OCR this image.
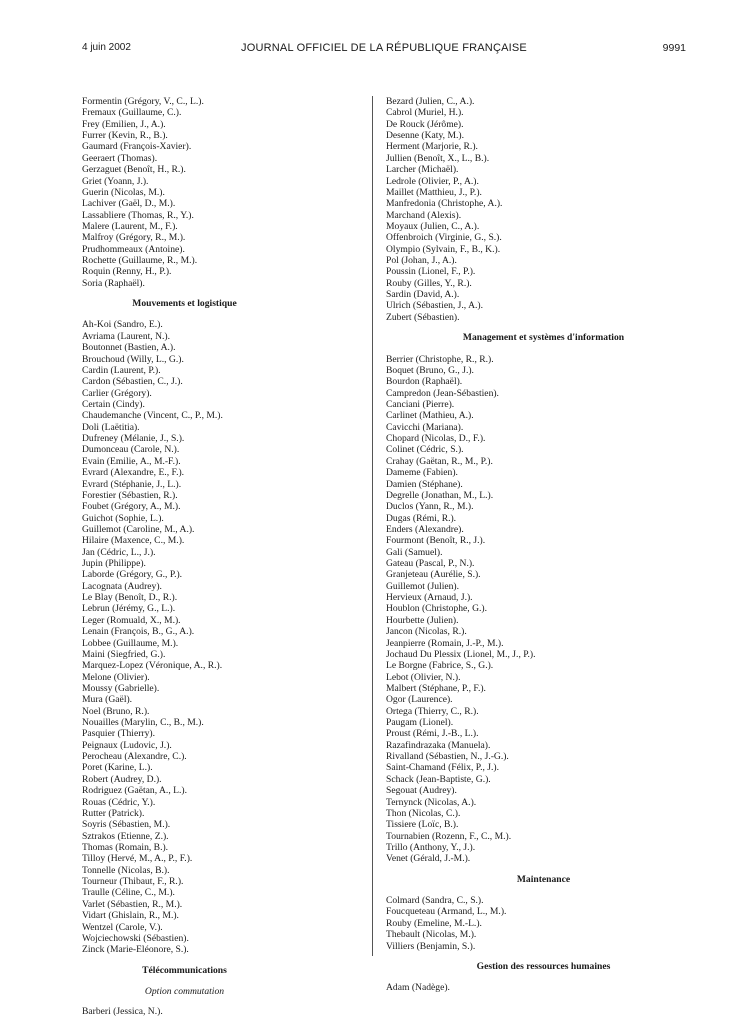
4 juin 2002	JOURNAL OFFICIEL DE LA RÉPUBLIQUE FRANÇAISE	9991
Formentin (Grégory, V., C., L.).
Fremaux (Guillaume, C.).
Frey (Emilien, J., A.).
Furrer (Kevin, R., B.).
Gaumard (François-Xavier).
Geeraert (Thomas).
Gerzaguet (Benoît, H., R.).
Griet (Yoann, J.).
Guerin (Nicolas, M.).
Lachiver (Gaël, D., M.).
Lassabliere (Thomas, R., Y.).
Malere (Laurent, M., F.).
Malfroy (Grégory, R., M.).
Prudhommeaux (Antoine).
Rochette (Guillaume, R., M.).
Roquin (Renny, H., P.).
Soria (Raphaël).
Mouvements et logistique
Ah-Koi (Sandro, E.).
Avriama (Laurent, N.).
Boutonnet (Bastien, A.).
Brouchoud (Willy, L., G.).
Cardin (Laurent, P.).
Cardon (Sébastien, C., J.).
Carlier (Grégory).
Certain (Cindy).
Chaudemanche (Vincent, C., P., M.).
Doli (Laëtitia).
Dufreney (Mélanie, J., S.).
Dumonceau (Carole, N.).
Evain (Emilie, A., M.-F.).
Evrard (Alexandre, E., F.).
Evrard (Stéphanie, J., L.).
Forestier (Sébastien, R.).
Foubet (Grégory, A., M.).
Guichot (Sophie, L.).
Guillemot (Caroline, M., A.).
Hilaire (Maxence, C., M.).
Jan (Cédric, L., J.).
Jupin (Philippe).
Laborde (Grégory, G., P.).
Lacognata (Audrey).
Le Blay (Benoît, D., R.).
Lebrun (Jérémy, G., L.).
Leger (Romuald, X., M.).
Lenain (François, B., G., A.).
Lobbee (Guillaume, M.).
Maini (Siegfried, G.).
Marquez-Lopez (Véronique, A., R.).
Melone (Olivier).
Moussy (Gabrielle).
Mura (Gaël).
Noel (Bruno, R.).
Nouailles (Marylin, C., B., M.).
Pasquier (Thierry).
Peignaux (Ludovic, J.).
Perocheau (Alexandre, C.).
Poret (Karine, L.).
Robert (Audrey, D.).
Rodriguez (Gaëtan, A., L.).
Rouas (Cédric, Y.).
Rutter (Patrick).
Soyris (Sébastien, M.).
Sztrakos (Etienne, Z.).
Thomas (Romain, B.).
Tilloy (Hervé, M., A., P., F.).
Tonnelle (Nicolas, B.).
Tourneur (Thibaut, F., R.).
Traulle (Céline, C., M.).
Varlet (Sébastien, R., M.).
Vidart (Ghislain, R., M.).
Wentzel (Carole, V.).
Wojciechowski (Sébastien).
Zinck (Marie-Eléonore, S.).
Télécommunications
Option commutation
Barberi (Jessica, N.).
Bezard (Julien, C., A.).
Cabrol (Muriel, H.).
De Rouck (Jérôme).
Desenne (Katy, M.).
Herment (Marjorie, R.).
Jullien (Benoît, X., L., B.).
Larcher (Michaël).
Ledrole (Olivier, P., A.).
Maillet (Matthieu, J., P.).
Manfredonia (Christophe, A.).
Marchand (Alexis).
Moyaux (Julien, C., A.).
Offenbroich (Virginie, G., S.).
Olympio (Sylvain, F., B., K.).
Pol (Johan, J., A.).
Poussin (Lionel, F., P.).
Rouby (Gilles, Y., R.).
Sardin (David, A.).
Ulrich (Sébastien, J., A.).
Zubert (Sébastien).
Management et systèmes d'information
Berrier (Christophe, R., R.).
Boquet (Bruno, G., J.).
Bourdon (Raphaël).
Campredon (Jean-Sébastien).
Canciani (Pierre).
Carlinet (Mathieu, A.).
Cavicchi (Mariana).
Chopard (Nicolas, D., F.).
Colinet (Cédric, S.).
Crahay (Gaëtan, R., M., P.).
Dameme (Fabien).
Damien (Stéphane).
Degrelle (Jonathan, M., L.).
Duclos (Yann, R., M.).
Dugas (Rémi, R.).
Enders (Alexandre).
Fourmont (Benoît, R., J.).
Gali (Samuel).
Gateau (Pascal, P., N.).
Granjeteau (Aurélie, S.).
Guillemot (Julien).
Hervieux (Arnaud, J.).
Houblon (Christophe, G.).
Hourbette (Julien).
Jancon (Nicolas, R.).
Jeanpierre (Romain, J.-P., M.).
Jochaud Du Plessix (Lionel, M., J., P.).
Le Borgne (Fabrice, S., G.).
Lebot (Olivier, N.).
Malbert (Stéphane, P., F.).
Ogor (Laurence).
Ortega (Thierry, C., R.).
Paugam (Lionel).
Proust (Rémi, J.-B., L.).
Razafindrazaka (Manuela).
Rivalland (Sébastien, N., J.-G.).
Saint-Chamand (Félix, P., J.).
Schack (Jean-Baptiste, G.).
Segouat (Audrey).
Ternynck (Nicolas, A.).
Thon (Nicolas, C.).
Tissiere (Loïc, B.).
Tournabien (Rozenn, F., C., M.).
Trillo (Anthony, Y., J.).
Venet (Gérald, J.-M.).
Maintenance
Colmard (Sandra, C., S.).
Foucqueteau (Armand, L., M.).
Rouby (Emeline, M.-L.).
Thebault (Nicolas, M.).
Villiers (Benjamin, S.).
Gestion des ressources humaines
Adam (Nadège).
